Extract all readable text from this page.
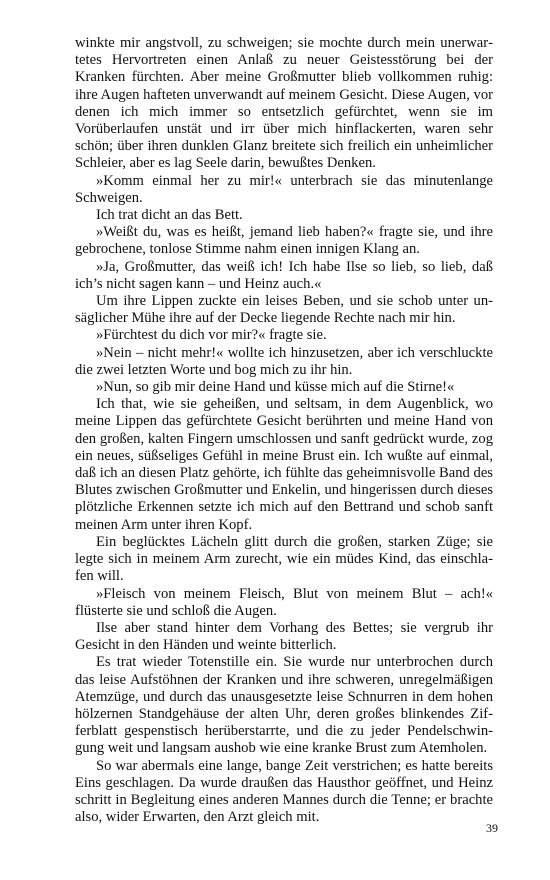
winkte mir angstvoll, zu schweigen; sie mochte durch mein unerwartetes Hervortreten einen Anlaß zu neuer Geistesstörung bei der Kranken fürchten. Aber meine Großmutter blieb vollkommen ruhig: ihre Augen hafteten unverwandt auf meinem Gesicht. Diese Augen, vor denen ich mich immer so entsetzlich gefürchtet, wenn sie im Vorüberlaufen unstät und irr über mich hinflackerten, waren sehr schön; über ihren dunklen Glanz breitete sich freilich ein unheimlicher Schleier, aber es lag Seele darin, bewußtes Denken.

»Komm einmal her zu mir!« unterbrach sie das minutenlange Schweigen.

Ich trat dicht an das Bett.

»Weißt du, was es heißt, jemand lieb haben?« fragte sie, und ihre gebrochene, tonlose Stimme nahm einen innigen Klang an.

»Ja, Großmutter, das weiß ich! Ich habe Ilse so lieb, so lieb, daß ich’s nicht sagen kann – und Heinz auch.«

Um ihre Lippen zuckte ein leises Beben, und sie schob unter unsäglicher Mühe ihre auf der Decke liegende Rechte nach mir hin.

»Fürchtest du dich vor mir?« fragte sie.

»Nein – nicht mehr!« wollte ich hinzusetzen, aber ich verschluckte die zwei letzten Worte und bog mich zu ihr hin.

»Nun, so gib mir deine Hand und küsse mich auf die Stirne!«

Ich that, wie sie geheißen, und seltsam, in dem Augenblick, wo meine Lippen das gefürchtete Gesicht berührten und meine Hand von den großen, kalten Fingern umschlossen und sanft gedrückt wurde, zog ein neues, süßseliges Gefühl in meine Brust ein. Ich wußte auf einmal, daß ich an diesen Platz gehörte, ich fühlte das geheimnisvolle Band des Blutes zwischen Großmutter und Enkelin, und hingerissen durch dieses plötzliche Erkennen setzte ich mich auf den Bettrand und schob sanft meinen Arm unter ihren Kopf.

Ein beglücktes Lächeln glitt durch die großen, starken Züge; sie legte sich in meinem Arm zurecht, wie ein müdes Kind, das einschlafen will.

»Fleisch von meinem Fleisch, Blut von meinem Blut – ach!« flüsterte sie und schloß die Augen.

Ilse aber stand hinter dem Vorhang des Bettes; sie vergrub ihr Gesicht in den Händen und weinte bitterlich.

Es trat wieder Totenstille ein. Sie wurde nur unterbrochen durch das leise Aufstöhnen der Kranken und ihre schweren, unregelmäßigen Atemzüge, und durch das unausgesetzte leise Schnurren in dem hohen hölzernen Standgehäuse der alten Uhr, deren großes blinkendes Zifferblatt gespenstisch herüberstarrte, und die zu jeder Pendelschwingung weit und langsam aushob wie eine kranke Brust zum Atemholen.

So war abermals eine lange, bange Zeit verstrichen; es hatte bereits Eins geschlagen. Da wurde draußen das Hausthor geöffnet, und Heinz schritt in Begleitung eines anderen Mannes durch die Tenne; er brachte also, wider Erwarten, den Arzt gleich mit.

39
